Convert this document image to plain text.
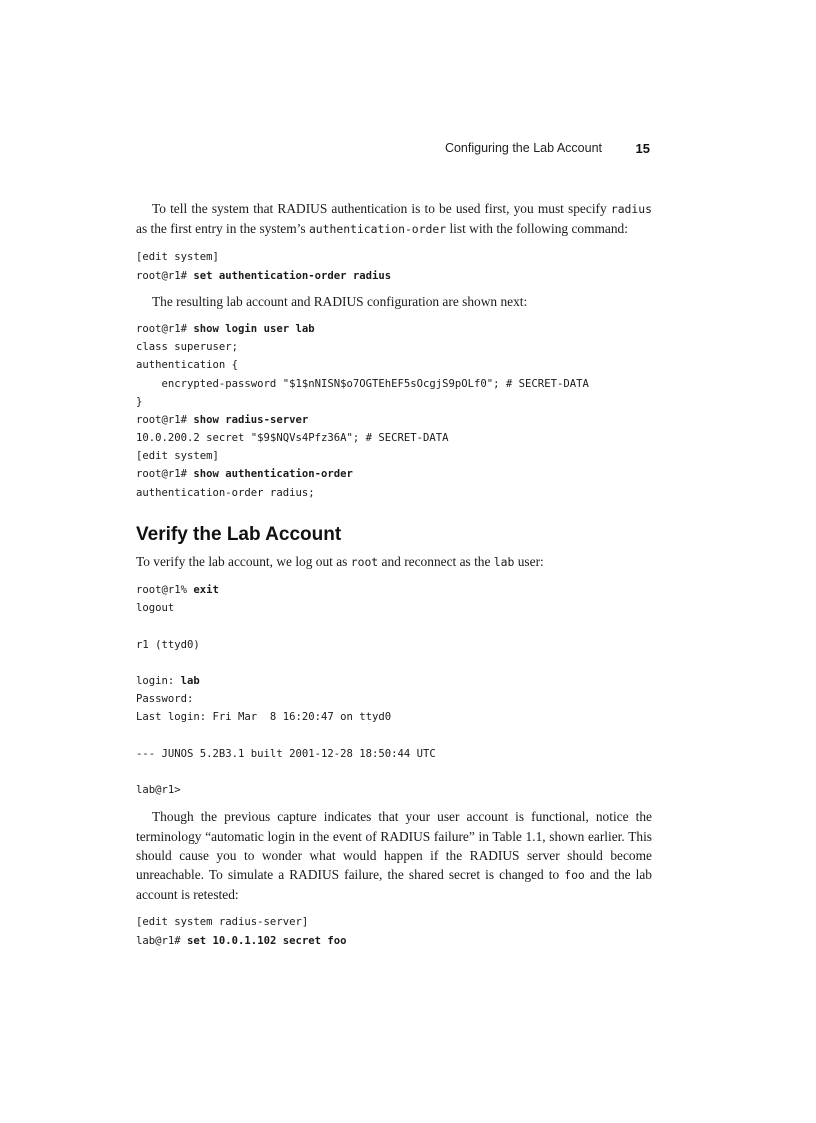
Configuring the Lab Account	15

To tell the system that RADIUS authentication is to be used first, you must specify radius as the first entry in the system’s authentication-order list with the following command:

[edit system]
root@r1# set authentication-order radius

The resulting lab account and RADIUS configuration are shown next:

root@r1# show login user lab
class superuser;
authentication {
encrypted-password "$1$nNISN$o7OGTEhEF5sOcgjS9pOLf0"; # SECRET-DATA
}
root@r1# show radius-server
10.0.200.2 secret "$9$NQVs4Pfz36A"; # SECRET-DATA
[edit system]
root@r1# show authentication-order
authentication-order radius;
Verify the Lab Account

To verify the lab account, we log out as root and reconnect as the lab user:

root@r1% exit
logout
r1 (ttyd0)
login: lab
Password:
Last login: Fri Mar  8 16:20:47 on ttyd0
--- JUNOS 5.2B3.1 built 2001-12-28 18:50:44 UTC
lab@r1>

Though the previous capture indicates that your user account is functional, notice the terminology “automatic login in the event of RADIUS failure” in Table 1.1, shown earlier. This should cause you to wonder what would happen if the RADIUS server should become unreachable. To simulate a RADIUS failure, the shared secret is changed to foo and the lab account is retested:

[edit system radius-server]
lab@r1# set 10.0.1.102 secret foo
